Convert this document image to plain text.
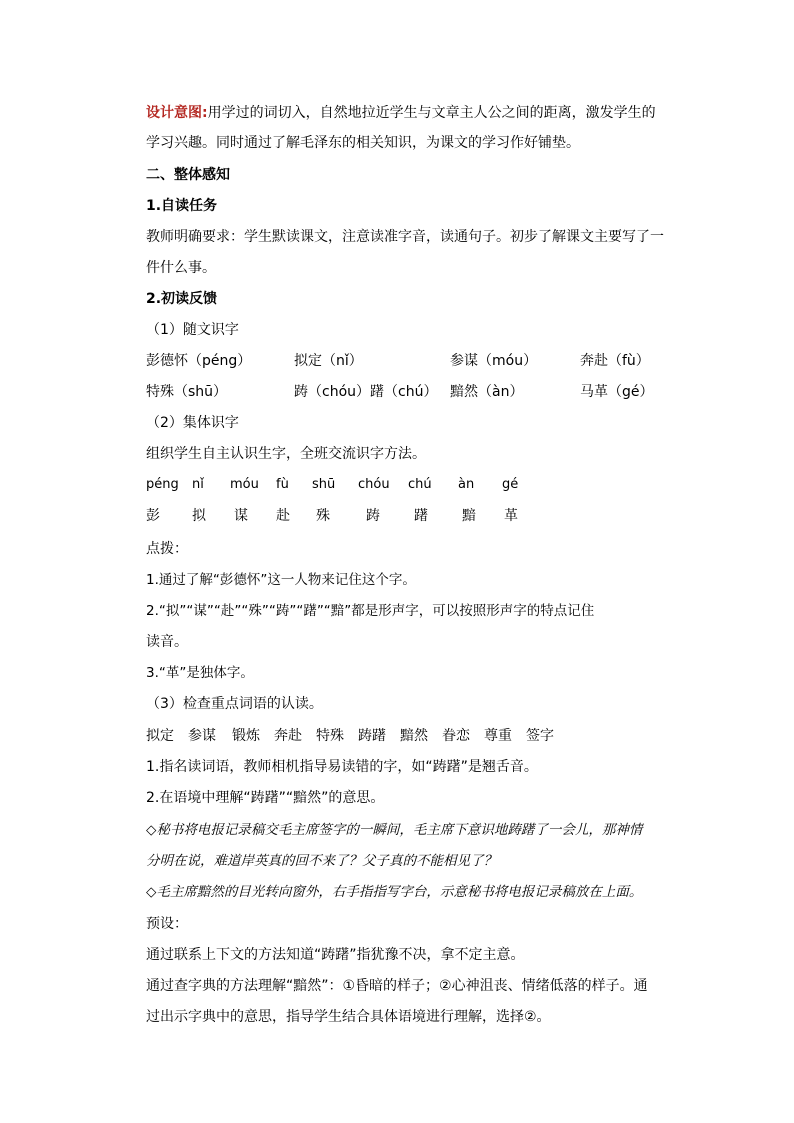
设计意图:用学过的词切入，自然地拉近学生与文章主人公之间的距离，激发学生的
学习兴趣。同时通过了解毛泽东的相关知识，为课文的学习作好铺垫。
二、整体感知
1.自读任务
教师明确要求：学生默读课文，注意读准字音，读通句子。初步了解课文主要写了一
件什么事。
2.初读反馈
（1）随文识字
彭德怀（péng）	拟定（nǐ）	参谋（móu）	奔赴（fù）
特殊（shū）	踌（chóu）躇（chú） 黯然（àn）	马革（gé）
（2）集体识字
组织学生自主认识生字，全班交流识字方法。
péng nǐ móu fù shū chóu chú àn gé
彭 拟 谋 赴 殊	踌 躇 黯 革
点拨：
1.通过了解“彭德怀”这一人物来记住这个字。
2.“拟”“谋”“赴”“殊”“踌”“躇”“黯”都是形声字，可以按照形声字的特点记住
读音。
3.“革”是独体字。
（3）检查重点词语的认读。
拟定 参谋 锻炼 奔赴 特殊 踌躇 黯然 眷恋 尊重 签字
1.指名读词语，教师相机指导易读错的字，如“踌躇”是翘舌音。
2.在语境中理解“踌躇”“黯然”的意思。
◇秘书将电报记录稿交毛主席签字的一瞬间，毛主席下意识地踌躇了一会儿，那神情
分明在说，难道岸英真的回不来了？父子真的不能相见了？
◇毛主席黯然的目光转向窗外，右手指指写字台，示意秘书将电报记录稿放在上面。
预设：
通过联系上下文的方法知道“踌躇”指犹豫不决，拿不定主意。
通过查字典的方法理解“黯然”：①昏暗的样子；②心神沮丧、情绪低落的样子。通
过出示字典中的意思，指导学生结合具体语境进行理解，选择②。
